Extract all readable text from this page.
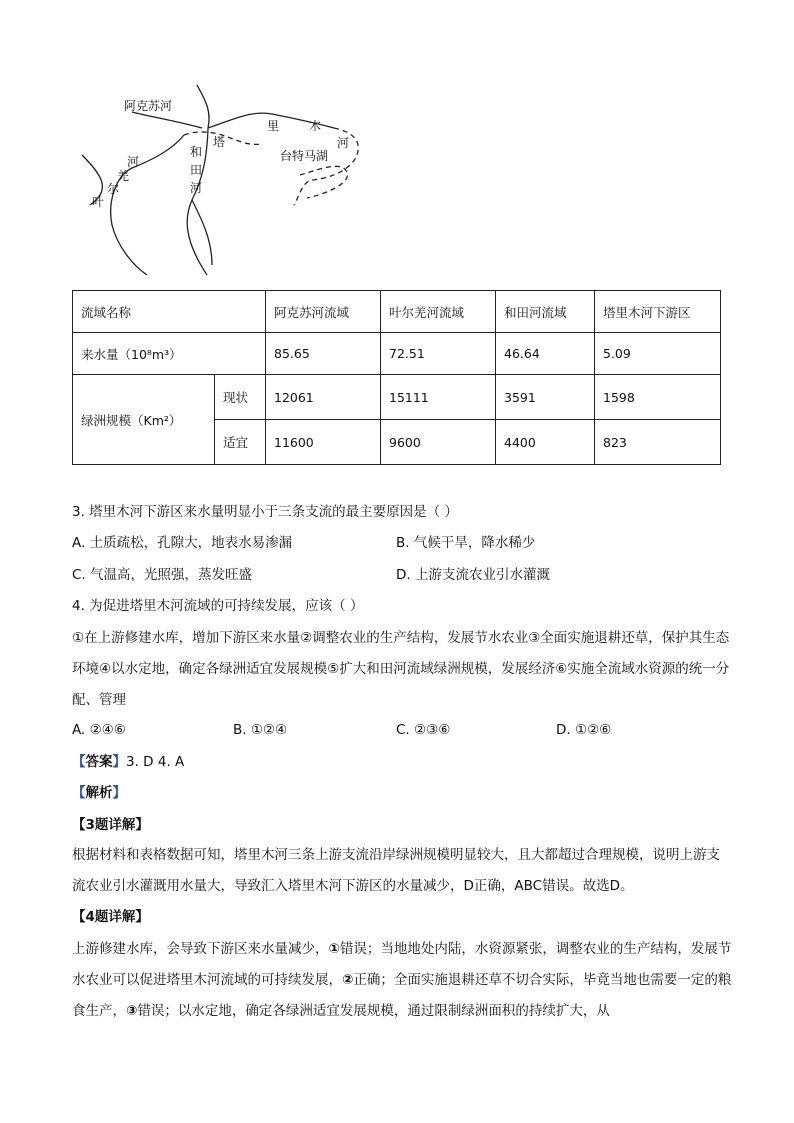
阿克苏河
塔
里 木
河
台特马湖
和
田
河
河
羌
尔
叶
流域名称		阿克苏河流域	叶尔羌河流域	和田河流域	塔里木河下游区
来水量（10⁸m³）		85.65	72.51	46.64	5.09
绿洲规模（Km²）	现状	12061	15111	3591	1598
	适宜	11600	9600	4400	823
3. 塔里木河下游区来水量明显小于三条支流的最主要原因是（ ）
A. 土质疏松，孔隙大，地表水易渗漏	B. 气候干旱，降水稀少
C. 气温高，光照强，蒸发旺盛	D. 上游支流农业引水灌溉
4. 为促进塔里木河流域的可持续发展，应该（ ）
①在上游修建水库，增加下游区来水量②调整农业的生产结构，发展节水农业③全面实施退耕还草，保护其生态环境④以水定地，确定各绿洲适宜发展规模⑤扩大和田河流域绿洲规模，发展经济⑥实施全流域水资源的统一分配、管理
A. ②④⑥	B. ①②④	C. ②③⑥	D. ①②⑥
【答案】3. D 4. A
【解析】
【3题详解】
根据材料和表格数据可知，塔里木河三条上游支流沿岸绿洲规模明显较大，且大都超过合理规模，说明上游支流农业引水灌溉用水量大，导致汇入塔里木河下游区的水量减少，D正确，ABC错误。故选D。
【4题详解】
上游修建水库，会导致下游区来水量减少，①错误；当地地处内陆，水资源紧张，调整农业的生产结构，发展节水农业可以促进塔里木河流域的可持续发展，②正确；全面实施退耕还草不切合实际，毕竟当地也需要一定的粮食生产，③错误；以水定地，确定各绿洲适宜发展规模，通过限制绿洲面积的持续扩大，从
